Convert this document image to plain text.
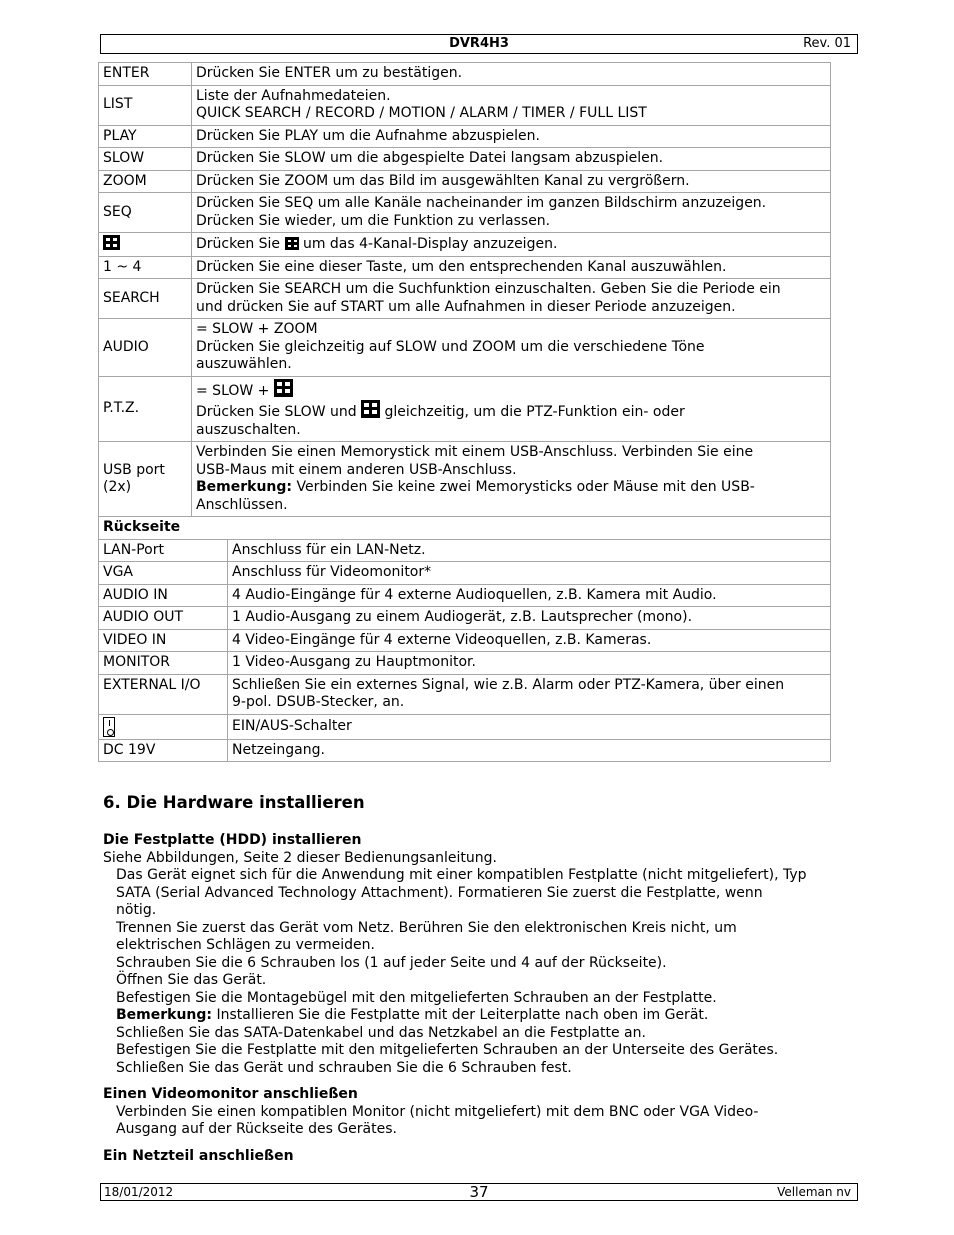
DVR4H3	Rev. 01
ENTER	Drücken Sie ENTER um zu bestätigen.	
LIST	Liste der Aufnahmedateien.
QUICK SEARCH / RECORD / MOTION / ALARM / TIMER / FULL LIST	

PLAY	Drücken Sie PLAY um die Aufnahme abzuspielen.	
SLOW	Drücken Sie SLOW um die abgespielte Datei langsam abzuspielen.	
ZOOM	Drücken Sie ZOOM um das Bild im ausgewählten Kanal zu vergrößern.	
SEQ	Drücken Sie SEQ um alle Kanäle nacheinander im ganzen Bildschirm anzuzeigen.
Drücken Sie wieder, um die Funktion zu verlassen.	

	Drücken Sie um das 4-Kanal-Display anzuzeigen.	
1 ~ 4	Drücken Sie eine dieser Taste, um den entsprechenden Kanal auszuwählen.	
SEARCH	Drücken Sie SEARCH um die Suchfunktion einzuschalten. Geben Sie die Periode ein
und drücken Sie auf START um alle Aufnahmen in dieser Periode anzuzeigen.	

AUDIO	= SLOW + ZOOM
Drücken Sie gleichzeitig auf SLOW und ZOOM um die verschiedene Töne
auszuwählen.	

P.T.Z.	= SLOW +
Drücken Sie SLOW und gleichzeitig, um die PTZ-Funktion ein- oder
auszuschalten.	

USB port (2x)	Verbinden Sie einen Memorystick mit einem USB-Anschluss. Verbinden Sie eine
USB-Maus mit einem anderen USB-Anschluss.
Bemerkung: Verbinden Sie keine zwei Memorysticks oder Mäuse mit den USB-
Anschlüssen.	

Rückseite		
LAN-Port		Anschluss für ein LAN-Netz.
VGA		Anschluss für Videomonitor*
AUDIO IN		4 Audio-Eingänge für 4 externe Audioquellen, z.B. Kamera mit Audio.
AUDIO OUT		1 Audio-Ausgang zu einem Audiogerät, z.B. Lautsprecher (mono).
VIDEO IN		4 Video-Eingänge für 4 externe Videoquellen, z.B. Kameras.
MONITOR		1 Video-Ausgang zu Hauptmonitor.
EXTERNAL I/O		Schließen Sie ein externes Signal, wie z.B. Alarm oder PTZ-Kamera, über einen
9-pol. DSUB-Stecker, an.

		EIN/AUS-Schalter
DC 19V		Netzeingang.
6. Die Hardware installieren
Die Festplatte (HDD) installieren

Siehe Abbildungen, Seite 2 dieser Bedienungsanleitung.

Das Gerät eignet sich für die Anwendung mit einer kompatiblen Festplatte (nicht mitgeliefert), Typ

SATA (Serial Advanced Technology Attachment). Formatieren Sie zuerst die Festplatte, wenn

nötig.

Trennen Sie zuerst das Gerät vom Netz. Berühren Sie den elektronischen Kreis nicht, um

elektrischen Schlägen zu vermeiden.

Schrauben Sie die 6 Schrauben los (1 auf jeder Seite und 4 auf der Rückseite).

Öffnen Sie das Gerät.

Befestigen Sie die Montagebügel mit den mitgelieferten Schrauben an der Festplatte.

Bemerkung: Installieren Sie die Festplatte mit der Leiterplatte nach oben im Gerät.

Schließen Sie das SATA-Datenkabel und das Netzkabel an die Festplatte an.

Befestigen Sie die Festplatte mit den mitgelieferten Schrauben an der Unterseite des Gerätes.

Schließen Sie das Gerät und schrauben Sie die 6 Schrauben fest.

Einen Videomonitor anschließen

Verbinden Sie einen kompatiblen Monitor (nicht mitgeliefert) mit dem BNC oder VGA Video-

Ausgang auf der Rückseite des Gerätes.

Ein Netzteil anschließen
18/01/2012	37	Velleman nv
